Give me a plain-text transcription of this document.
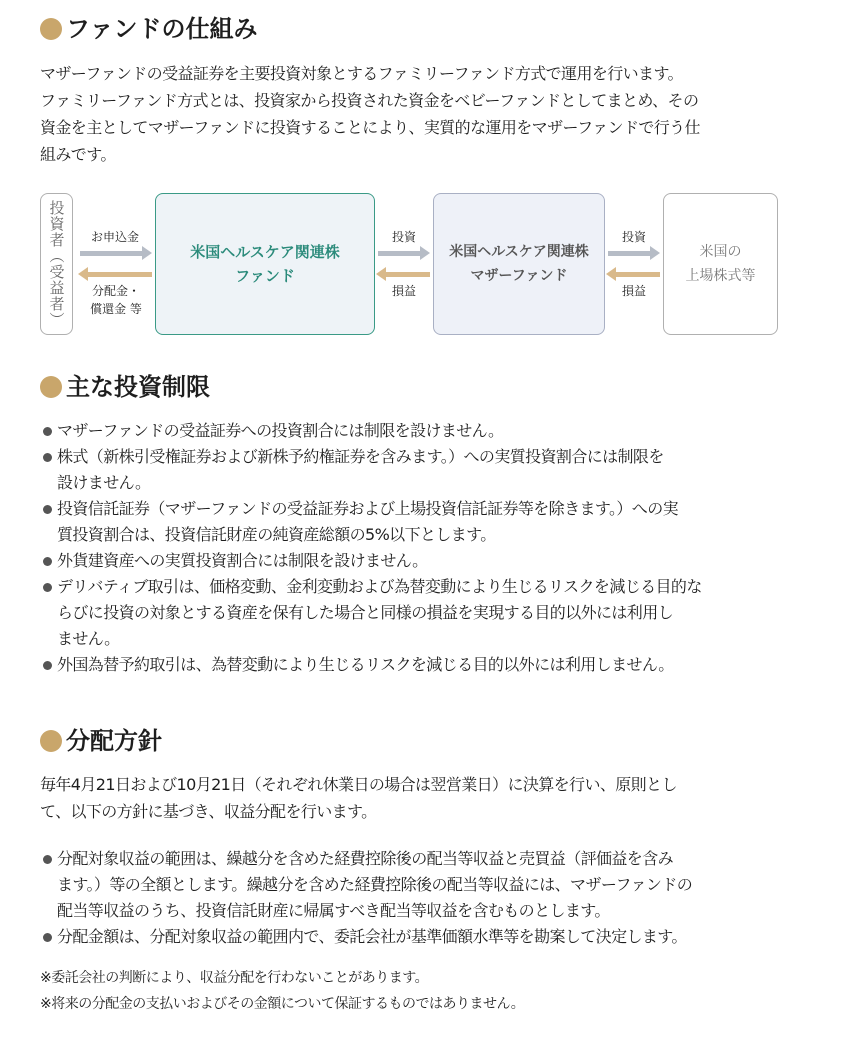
ファンドの仕組み
マザーファンドの受益証券を主要投資対象とするファミリーファンド方式で運用を行います。
ファミリーファンド方式とは、投資家から投資された資金をベビーファンドとしてまとめ、その
資金を主としてマザーファンドに投資することにより、実質的な運用をマザーファンドで行う仕
組みです。
投資者（受益者）	お申込金
分配金・
償還金 等
米国ヘルスケア関連株
ファンド
投資
損益
米国ヘルスケア関連株
マザーファンド
投資
損益
米国の
上場株式等
主な投資制限
マザーファンドの受益証券への投資割合には制限を設けません。
株式（新株引受権証券および新株予約権証券を含みます。）への実質投資割合には制限を
設けません。
投資信託証券（マザーファンドの受益証券および上場投資信託証券等を除きます。）への実
質投資割合は、投資信託財産の純資産総額の5%以下とします。
外貨建資産への実質投資割合には制限を設けません。
デリバティブ取引は、価格変動、金利変動および為替変動により生じるリスクを減じる目的な
らびに投資の対象とする資産を保有した場合と同様の損益を実現する目的以外には利用し
ません。
外国為替予約取引は、為替変動により生じるリスクを減じる目的以外には利用しません。
分配方針
毎年4月21日および10月21日（それぞれ休業日の場合は翌営業日）に決算を行い、原則とし
て、以下の方針に基づき、収益分配を行います。
分配対象収益の範囲は、繰越分を含めた経費控除後の配当等収益と売買益（評価益を含み
ます。）等の全額とします。繰越分を含めた経費控除後の配当等収益には、マザーファンドの
配当等収益のうち、投資信託財産に帰属すべき配当等収益を含むものとします。
分配金額は、分配対象収益の範囲内で、委託会社が基準価額水準等を勘案して決定します。
※委託会社の判断により、収益分配を行わないことがあります。
※将来の分配金の支払いおよびその金額について保証するものではありません。
